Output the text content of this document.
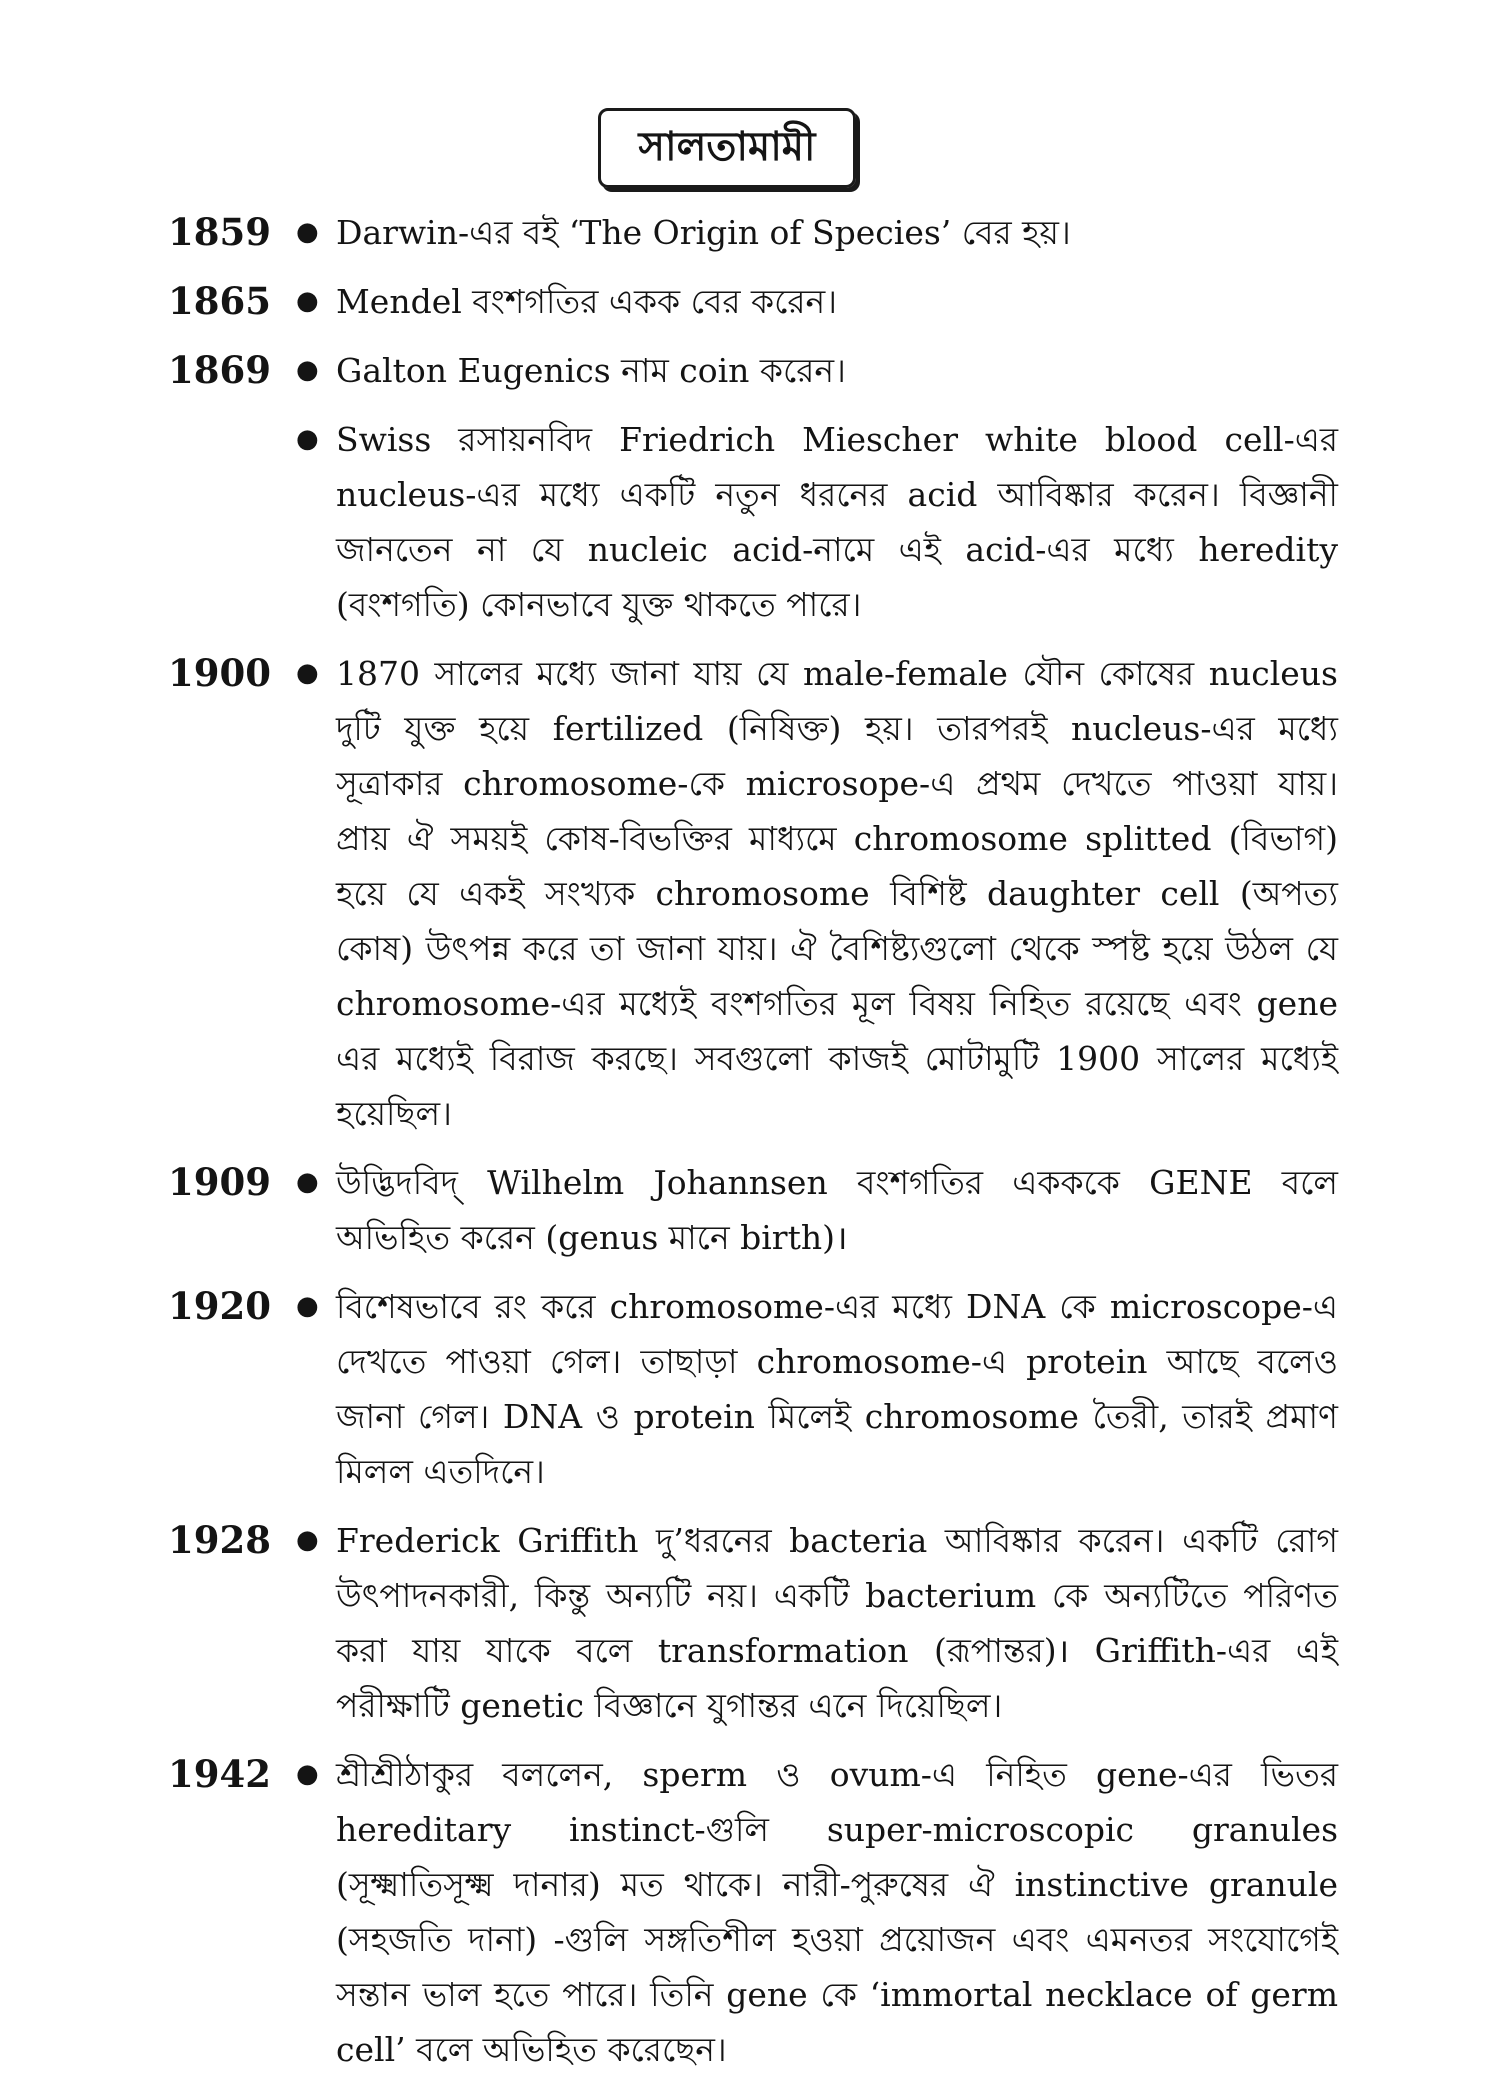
সালতামামী
1859 ● Darwin-এর বই ‘The Origin of Species’ বের হয়।
1865 ● Mendel বংশগতির একক বের করেন।
1869 ● Galton Eugenics নাম coin করেন।
● Swiss রসায়নবিদ Friedrich Miescher white blood cell-এর nucleus-এর মধ্যে একটি নতুন ধরনের acid আবিষ্কার করেন। বিজ্ঞানী জানতেন না যে nucleic acid-নামে এই acid-এর মধ্যে heredity (বংশগতি) কোনভাবে যুক্ত থাকতে পারে।
1900 ● 1870 সালের মধ্যে জানা যায় যে male-female যৌন কোষের nucleus দুটি যুক্ত হয়ে fertilized (নিষিক্ত) হয়। তারপরই nucleus-এর মধ্যে সূত্রাকার chromosome-কে microsope-এ প্রথম দেখতে পাওয়া যায়। প্রায় ঐ সময়ই কোষ-বিভক্তির মাধ্যমে chromosome splitted (বিভাগ) হয়ে যে একই সংখ্যক chromosome বিশিষ্ট daughter cell (অপত্য কোষ) উৎপন্ন করে তা জানা যায়। ঐ বৈশিষ্ট্যগুলো থেকে স্পষ্ট হয়ে উঠল যে chromosome-এর মধ্যেই বংশগতির মূল বিষয় নিহিত রয়েছে এবং gene এর মধ্যেই বিরাজ করছে। সবগুলো কাজই মোটামুটি 1900 সালের মধ্যেই হয়েছিল।
1909 ● উদ্ভিদবিদ্ Wilhelm Johannsen বংশগতির একককে GENE বলে অভিহিত করেন (genus মানে birth)।
1920 ● বিশেষভাবে রং করে chromosome-এর মধ্যে DNA কে microscope-এ দেখতে পাওয়া গেল। তাছাড়া chromosome-এ protein আছে বলেও জানা গেল। DNA ও protein মিলেই chromosome তৈরী, তারই প্রমাণ মিলল এতদিনে।
1928 ● Frederick Griffith দু’ধরনের bacteria আবিষ্কার করেন। একটি রোগ উৎপাদনকারী, কিন্তু অন্যটি নয়। একটি bacterium কে অন্যটিতে পরিণত করা যায় যাকে বলে transformation (রূপান্তর)। Griffith-এর এই পরীক্ষাটি genetic বিজ্ঞানে যুগান্তর এনে দিয়েছিল।
1942 ● শ্রীশ্রীঠাকুর বললেন, sperm ও ovum-এ নিহিত gene-এর ভিতর hereditary instinct-গুলি super-microscopic granules (সূক্ষ্মাতিসূক্ষ্ম দানার) মত থাকে। নারী-পুরুষের ঐ instinctive granule (সহজতি দানা) -গুলি সঙ্গতিশীল হওয়া প্রয়োজন এবং এমনতর সংযোগেই সন্তান ভাল হতে পারে। তিনি gene কে ‘immortal necklace of germ cell’ বলে অভিহিত করেছেন।
